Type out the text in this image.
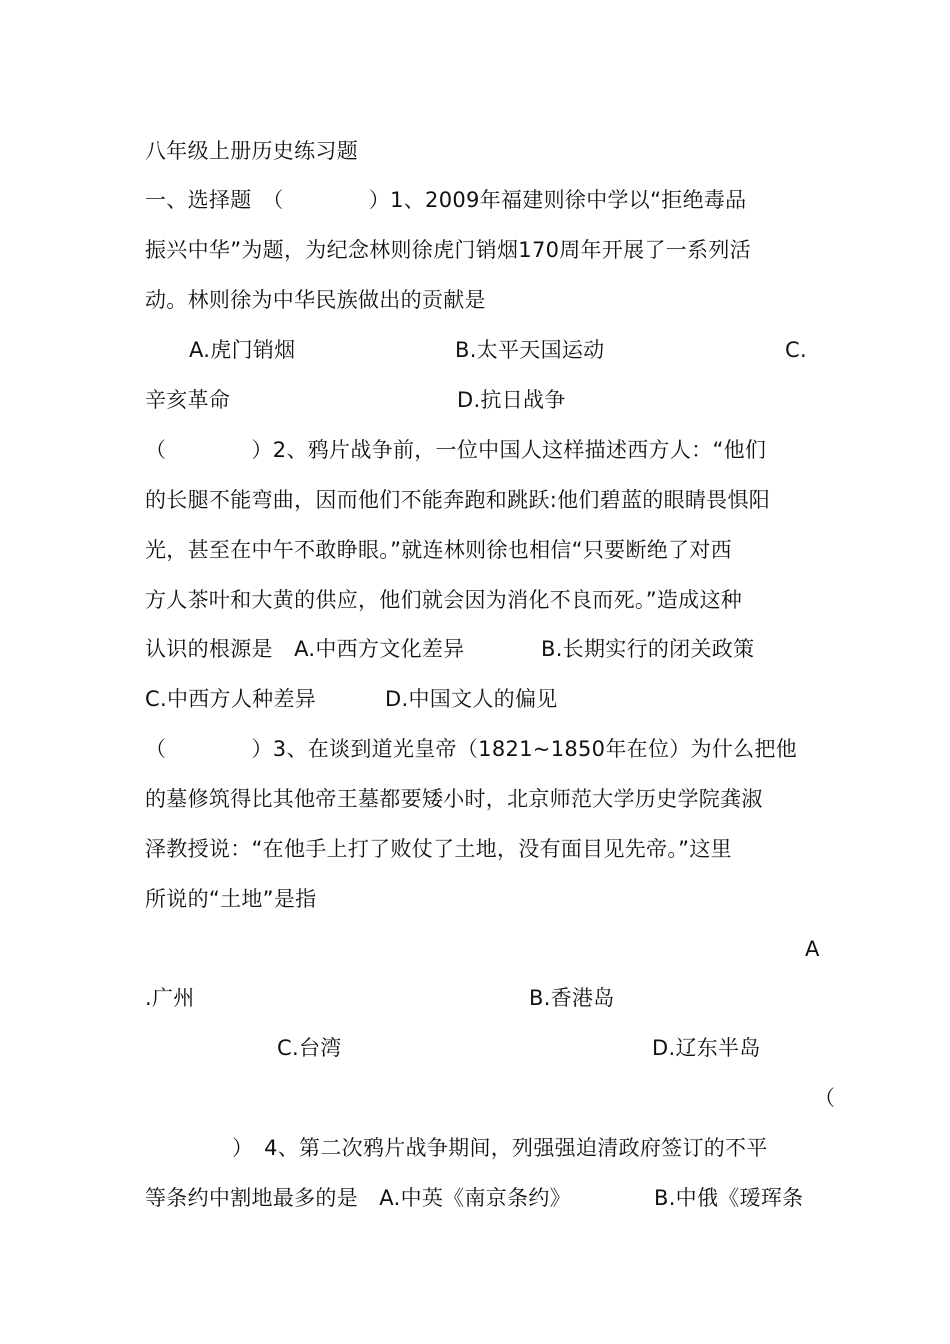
八年级上册历史练习题
一、选择题　（　　　　）1、2009年福建则徐中学以“拒绝毒品
振兴中华”为题，为纪念林则徐虎门销烟170周年开展了一系列活
动。林则徐为中华民族做出的贡献是
A.虎门销烟	B.太平天国运动	C.
辛亥革命	D.抗日战争
（　　　　）2、鸦片战争前，一位中国人这样描述西方人：“他们
的长腿不能弯曲，因而他们不能奔跑和跳跃:他们碧蓝的眼睛畏惧阳
光，甚至在中午不敢睁眼。”就连林则徐也相信“只要断绝了对西
方人茶叶和大黄的供应，他们就会因为消化不良而死。”造成这种
认识的根源是　A.中西方文化差异	B.长期实行的闭关政策
C.中西方人种差异	D.中国文人的偏见
（　　　　）3、在谈到道光皇帝（1821~1850年在位）为什么把他
的墓修筑得比其他帝王墓都要矮小时，北京师范大学历史学院龚淑
泽教授说：“在他手上打了败仗了土地，没有面目见先帝。”这里
所说的“土地”是指
A
.广州	B.香港岛
C.台湾	D.辽东半岛
（
）　4、第二次鸦片战争期间，列强强迫清政府签订的不平
等条约中割地最多的是　A.中英《南京条约》	B.中俄《瑷珲条
